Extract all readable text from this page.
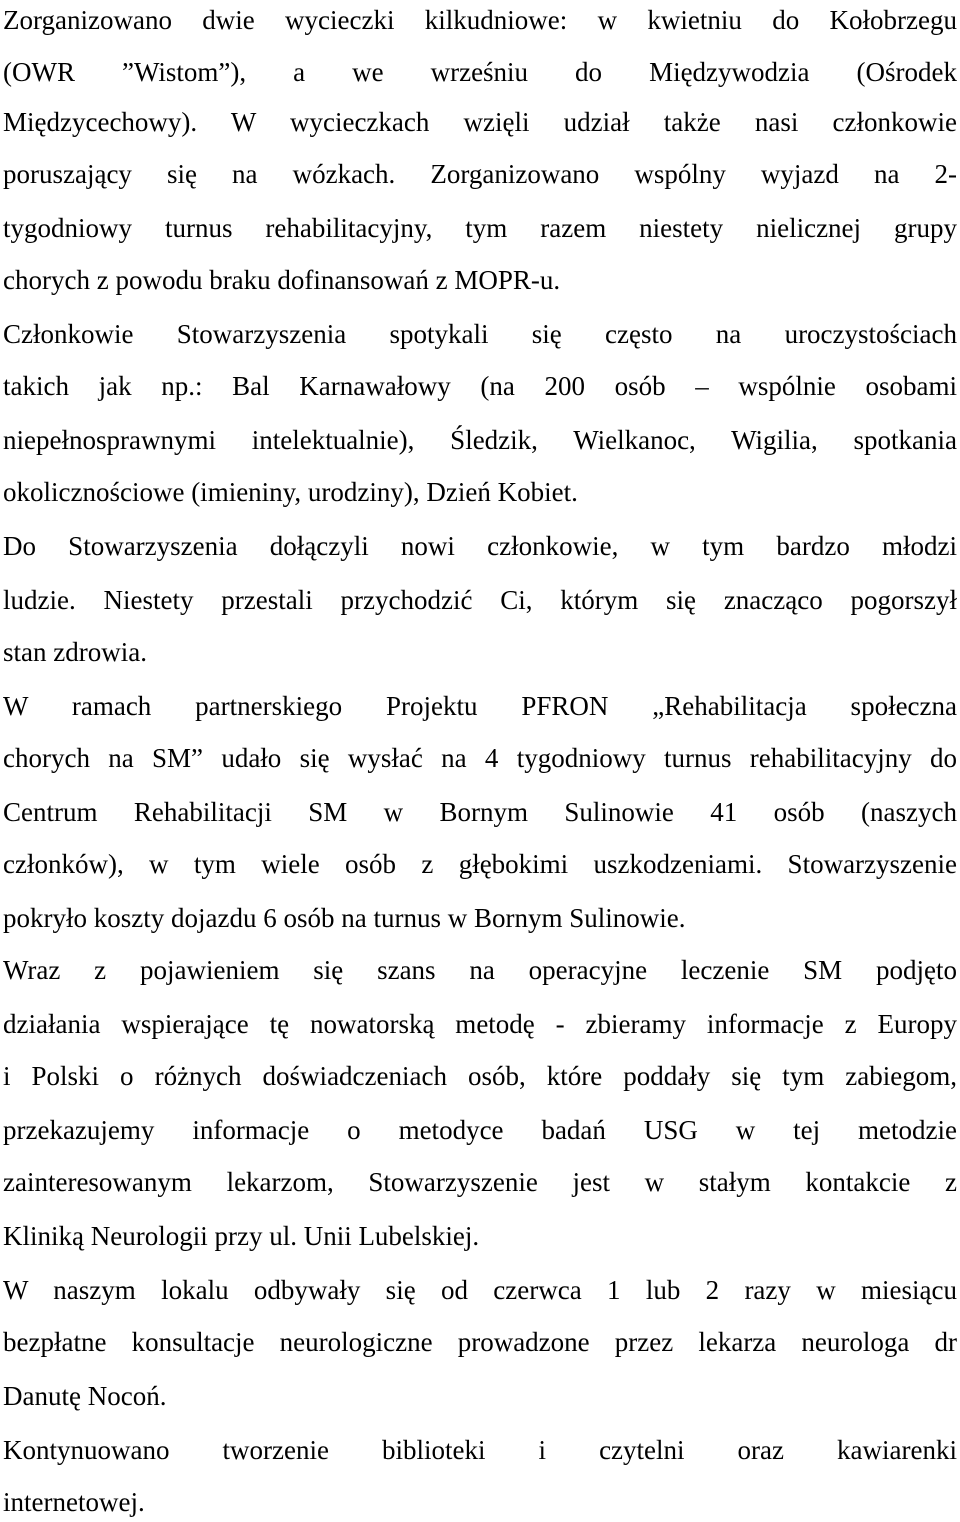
Zorganizowano dwie wycieczki kilkudniowe: w kwietniu do Kołobrzegu
(OWR ”Wistom”), a we wrześniu do Międzywodzia (Ośrodek
Międzycechowy). W wycieczkach wzięli udział także nasi członkowie
poruszający się na wózkach. Zorganizowano wspólny wyjazd na 2-
tygodniowy turnus rehabilitacyjny, tym razem niestety nielicznej grupy
chorych z powodu braku dofinansowań z MOPR-u.
Członkowie Stowarzyszenia spotykali się często na uroczystościach
takich jak np.: Bal Karnawałowy (na 200 osób – wspólnie osobami
niepełnosprawnymi intelektualnie), Śledzik, Wielkanoc, Wigilia, spotkania
okolicznościowe (imieniny, urodziny), Dzień Kobiet.
Do Stowarzyszenia dołączyli nowi członkowie, w tym bardzo młodzi
ludzie. Niestety przestali przychodzić Ci, którym się znacząco pogorszył
stan zdrowia.
W ramach partnerskiego Projektu PFRON „Rehabilitacja społeczna
chorych na SM” udało się wysłać na 4 tygodniowy turnus rehabilitacyjny do
Centrum Rehabilitacji SM w Bornym Sulinowie 41 osób (naszych
członków), w tym wiele osób z głębokimi uszkodzeniami. Stowarzyszenie
pokryło koszty dojazdu 6 osób na turnus w Bornym Sulinowie.
Wraz z pojawieniem się szans na operacyjne leczenie SM podjęto
działania wspierające tę nowatorską metodę - zbieramy informacje z Europy
i Polski o różnych doświadczeniach osób, które poddały się tym zabiegom,
przekazujemy informacje o metodyce badań USG w tej metodzie
zainteresowanym lekarzom, Stowarzyszenie jest w stałym kontakcie z
Kliniką Neurologii przy ul. Unii Lubelskiej.
W naszym lokalu odbywały się od czerwca 1 lub 2 razy w miesiącu
bezpłatne konsultacje neurologiczne prowadzone przez lekarza neurologa dr
Danutę Nocoń.
Kontynuowano tworzenie biblioteki i czytelni oraz kawiarenki
internetowej.
